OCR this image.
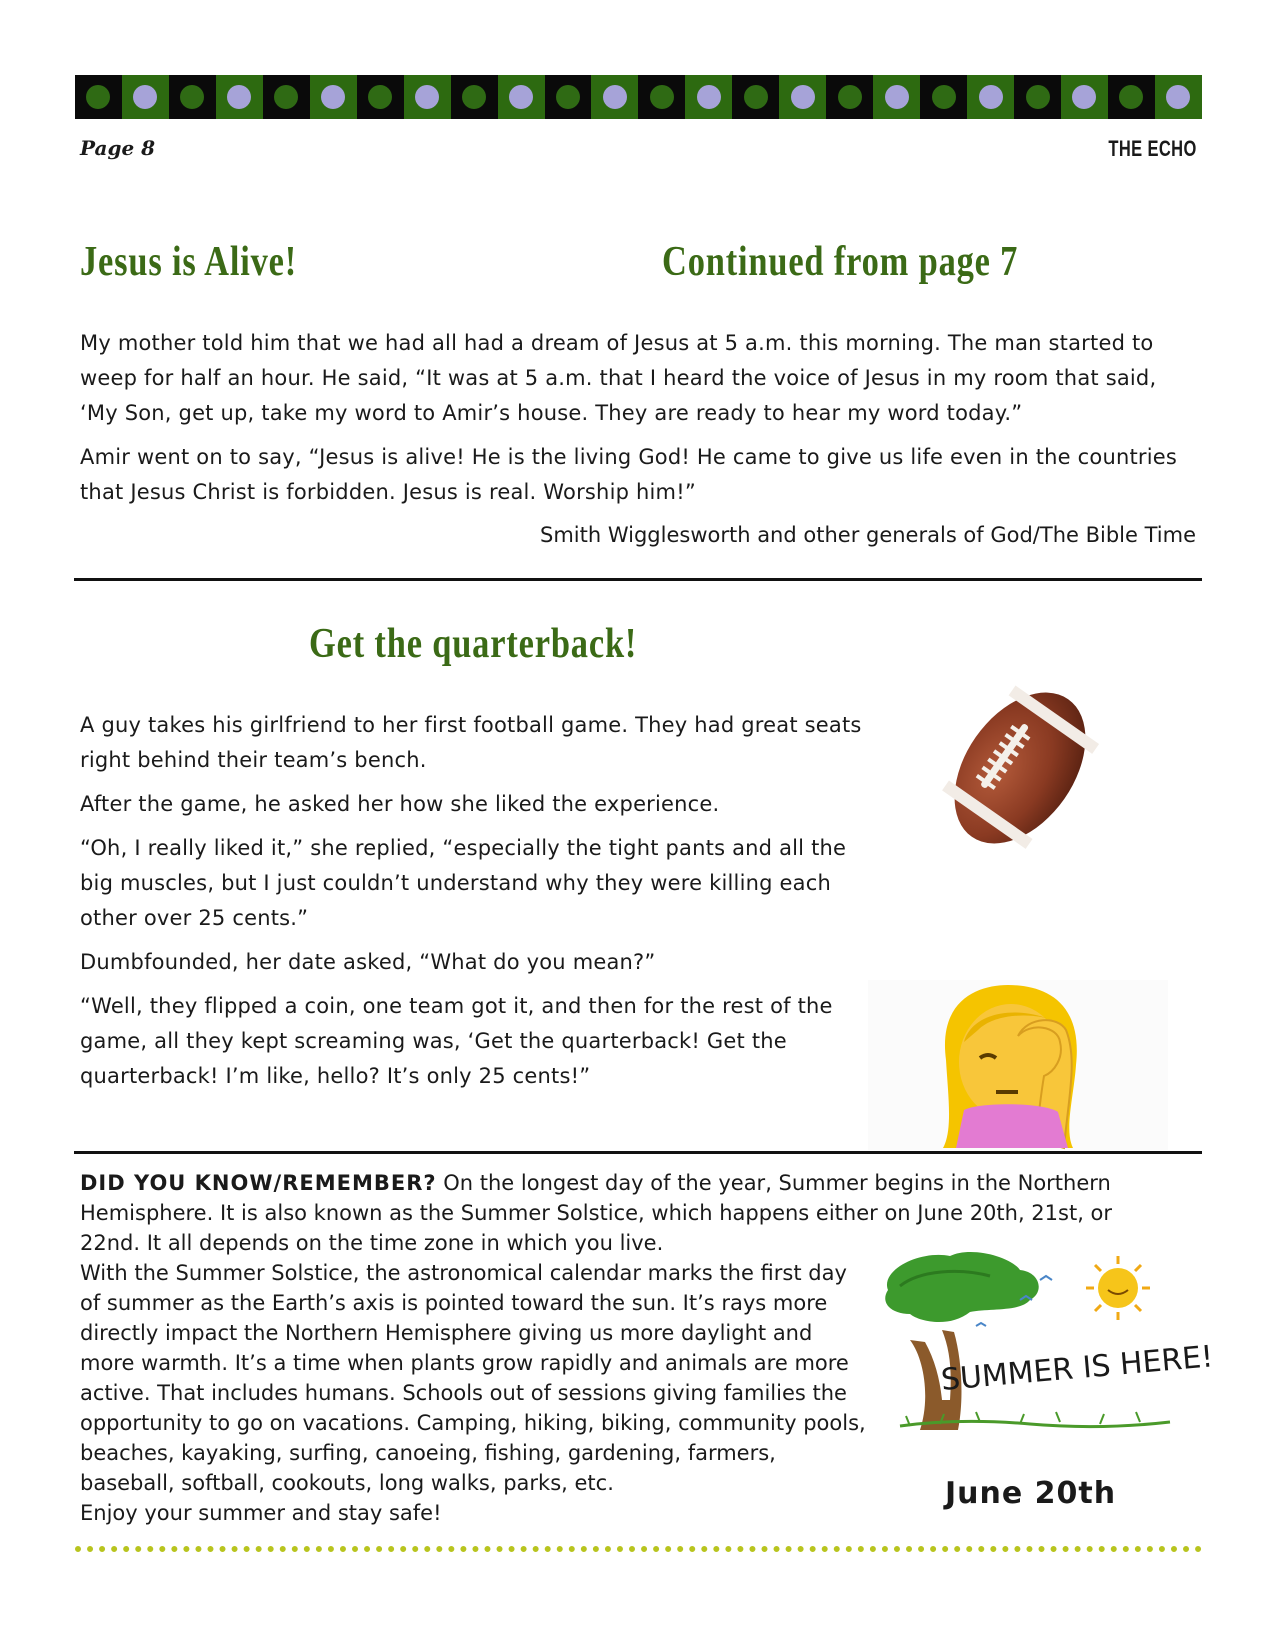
Page 8	THE ECHO
Jesus is Alive!	Continued from page 7

My mother told him that we had all had a dream of Jesus at 5 a.m. this morning. The man started to weep for half an hour. He said, “It was at 5 a.m. that I heard the voice of Jesus in my room that said, ‘My Son, get up, take my word to Amir’s house. They are ready to hear my word today.”

Amir went on to say, “Jesus is alive! He is the living God! He came to give us life even in the countries that Jesus Christ is forbidden. Jesus is real. Worship him!”

Smith Wigglesworth and other generals of God/The Bible Time
Get the quarterback!

A guy takes his girlfriend to her first football game. They had great seats right behind their team’s bench.

After the game, he asked her how she liked the experience.

“Oh, I really liked it,” she replied, “especially the tight pants and all the big muscles, but I just couldn’t understand why they were killing each other over 25 cents.”

Dumbfounded, her date asked, “What do you mean?”

“Well, they flipped a coin, one team got it, and then for the rest of the game, all they kept screaming was, ‘Get the quarterback! Get the quarterback! I’m like, hello? It’s only 25 cents!”

DID YOU KNOW/REMEMBER? On the longest day of the year, Summer begins in the Northern Hemisphere. It is also known as the Summer Solstice, which happens either on June 20th, 21st, or 22nd. It all depends on the time zone in which you live.
With the Summer Solstice, the astronomical calendar marks the first day of summer as the Earth’s axis is pointed toward the sun. It’s rays more directly impact the Northern Hemisphere giving us more daylight and more warmth. It’s a time when plants grow rapidly and animals are more active. That includes humans. Schools out of sessions giving families the opportunity to go on vacations. Camping, hiking, biking, community pools, beaches, kayaking, surfing, canoeing, fishing, gardening, farmers, baseball, softball, cookouts, long walks, parks, etc.
Enjoy your summer and stay safe!
SUMMER IS HERE!
June 20th
